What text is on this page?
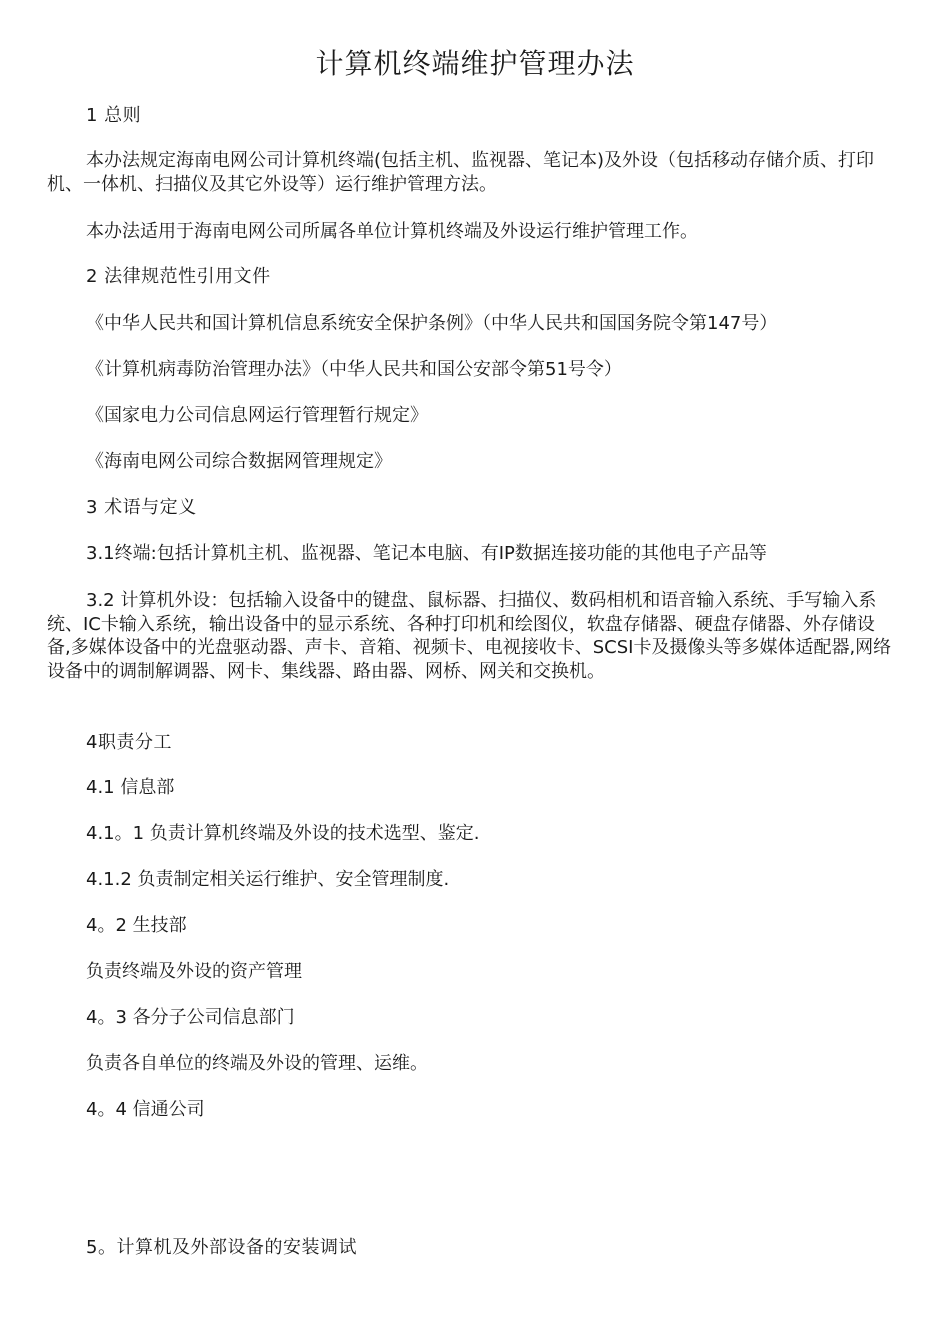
计算机终端维护管理办法

1 总则

本办法规定海南电网公司计算机终端(包括主机、监视器、笔记本)及外设（包括移动存储介质、打印机、一体机、扫描仪及其它外设等）运行维护管理方法。

本办法适用于海南电网公司所属各单位计算机终端及外设运行维护管理工作。

2 法律规范性引用文件

《中华人民共和国计算机信息系统安全保护条例》（中华人民共和国国务院令第147号）

《计算机病毒防治管理办法》（中华人民共和国公安部令第51号令）

《国家电力公司信息网运行管理暂行规定》

《海南电网公司综合数据网管理规定》

3 术语与定义

3.1终端:包括计算机主机、监视器、笔记本电脑、有IP数据连接功能的其他电子产品等

3.2 计算机外设：包括输入设备中的键盘、鼠标器、扫描仪、数码相机和语音输入系统、手写输入系统、IC卡输入系统，输出设备中的显示系统、各种打印机和绘图仪，软盘存储器、硬盘存储器、外存储设备,多媒体设备中的光盘驱动器、声卡、音箱、视频卡、电视接收卡、SCSI卡及摄像头等多媒体适配器,网络设备中的调制解调器、网卡、集线器、路由器、网桥、网关和交换机。

4职责分工

4.1 信息部

4.1。1 负责计算机终端及外设的技术选型、鉴定.

4.1.2 负责制定相关运行维护、安全管理制度.

4。2 生技部

负责终端及外设的资产管理

4。3 各分子公司信息部门

负责各自单位的终端及外设的管理、运维。

4。4 信通公司

5。计算机及外部设备的安装调试
